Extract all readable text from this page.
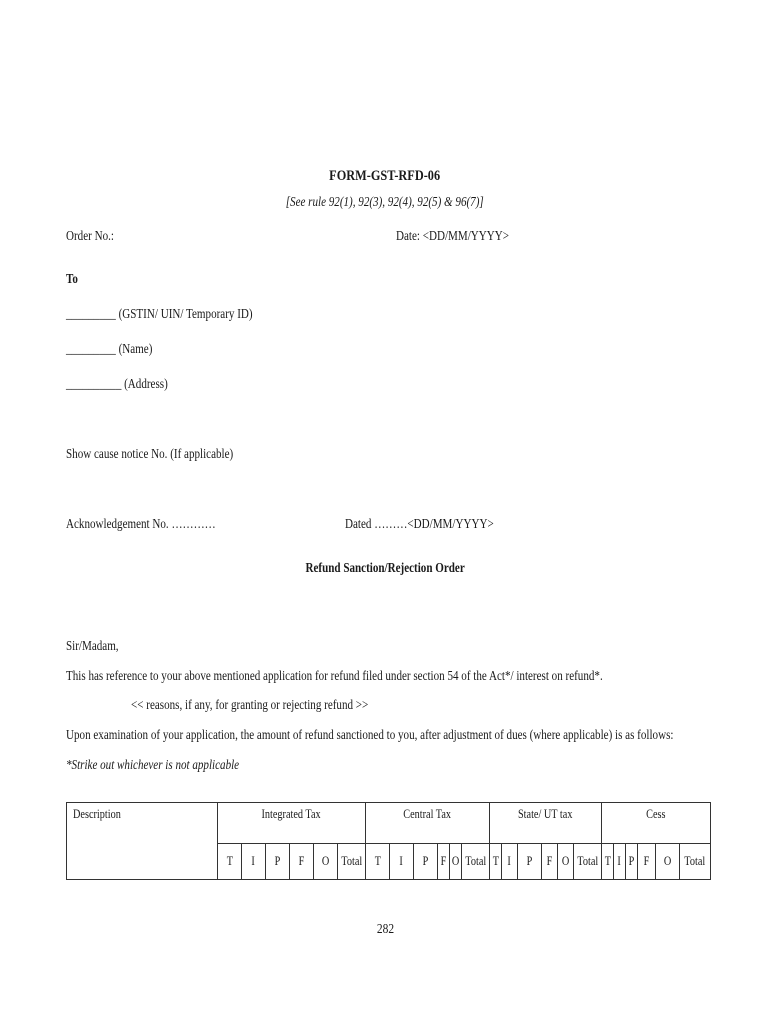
FORM-GST-RFD-06
[See rule 92(1), 92(3), 92(4), 92(5) & 96(7)]
Order No.:	Date: <DD/MM/YYYY>
To
_________ (GSTIN/ UIN/ Temporary ID)
_________ (Name)
__________ (Address)
Show cause notice No. (If applicable)
Acknowledgement No. …………	Dated ………<DD/MM/YYYY>
Refund Sanction/Rejection Order
Sir/Madam,
This has reference to your above mentioned application for refund filed under section 54 of the Act*/ interest on refund*.
<< reasons, if any, for granting or rejecting refund >>
Upon examination of your application, the amount of refund sanctioned to you, after adjustment of dues (where applicable) is as follows:
*Strike out whichever is not applicable
Description	Integrated Tax						Central Tax						State/ UT tax						Cess					
	T	I	P	F	O	Total	T	I	P	F	O	Total	T	I	P	F	O	Total	T	I	P	F	O	Total
282
